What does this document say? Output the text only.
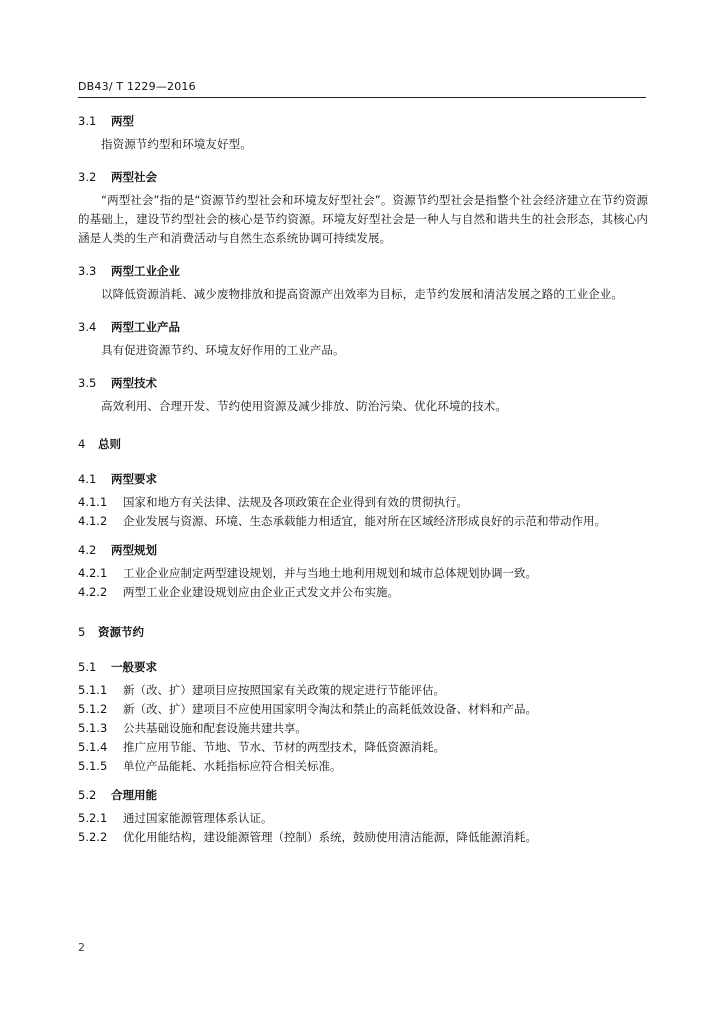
DB43/ T 1229—2016
3.1	两型

指资源节约型和环境友好型。

3.2	两型社会

“两型社会”指的是“资源节约型社会和环境友好型社会”。资源节约型社会是指整个社会经济建立在节约资源的基础上，建设节约型社会的核心是节约资源。环境友好型社会是一种人与自然和谐共生的社会形态，其核心内涵是人类的生产和消费活动与自然生态系统协调可持续发展。

3.3	两型工业企业

以降低资源消耗、减少废物排放和提高资源产出效率为目标，走节约发展和清洁发展之路的工业企业。

3.4	两型工业产品

具有促进资源节约、环境友好作用的工业产品。

3.5	两型技术

高效利用、合理开发、节约使用资源及减少排放、防治污染、优化环境的技术。

4	总则
4.1	两型要求
4.1.1	国家和地方有关法律、法规及各项政策在企业得到有效的贯彻执行。
4.1.2	企业发展与资源、环境、生态承载能力相适宜，能对所在区域经济形成良好的示范和带动作用。
4.2	两型规划
4.2.1	工业企业应制定两型建设规划，并与当地土地利用规划和城市总体规划协调一致。
4.2.2	两型工业企业建设规划应由企业正式发文并公布实施。
5	资源节约
5.1	一般要求
5.1.1	新（改、扩）建项目应按照国家有关政策的规定进行节能评估。
5.1.2	新（改、扩）建项目不应使用国家明令淘汰和禁止的高耗低效设备、材料和产品。
5.1.3	公共基础设施和配套设施共建共享。
5.1.4	推广应用节能、节地、节水、节材的两型技术，降低资源消耗。
5.1.5	单位产品能耗、水耗指标应符合相关标准。
5.2	合理用能
5.2.1	通过国家能源管理体系认证。
5.2.2	优化用能结构，建设能源管理（控制）系统，鼓励使用清洁能源，降低能源消耗。
2
